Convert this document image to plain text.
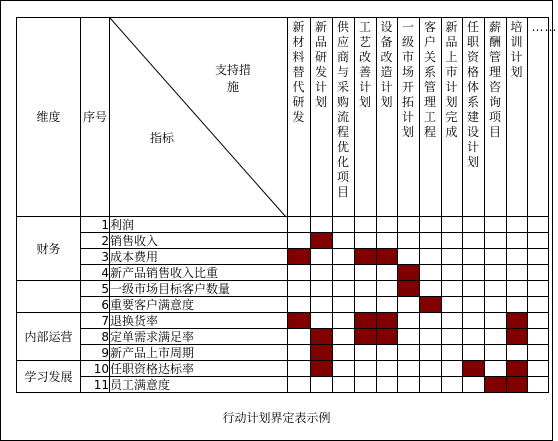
维度	序号	支持措施
指标	新材料替代研发	新品研发计划	供应商与采购流程优化项目	工艺改善计划	设备改造计划	一级市场开拓计划	客户关系管理工程	新品上市计划完成	任职资格体系建设计划	薪酬管理咨询项目	培训计划	……

财务	1	利润												
	2	销售收入												
	3	成本费用												
	4	新产品销售收入比重												
	5	一级市场目标客户数量												
	6	重要客户满意度												
内部运营	7	退换货率												
	8	定单需求满足率												
	9	新产品上市周期												
学习发展	10	任职资格达标率												
	11	员工满意度												
行动计划界定表示例
